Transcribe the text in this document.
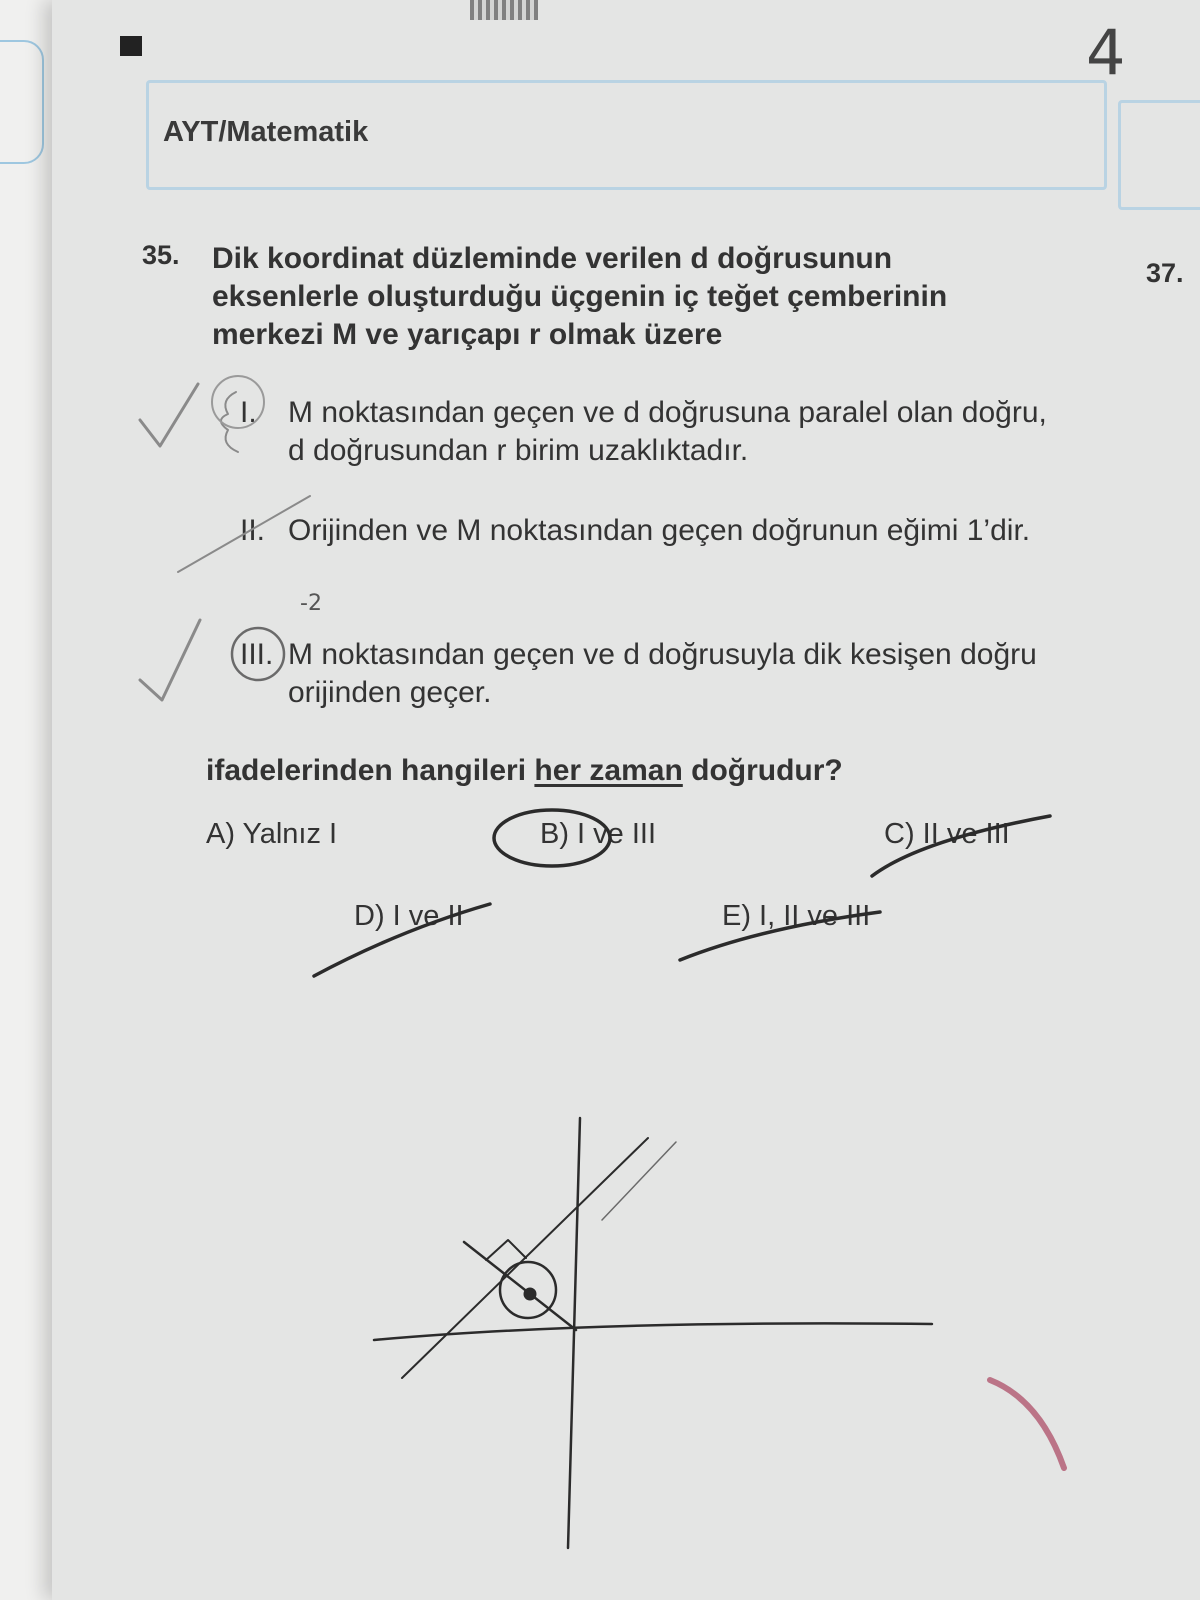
AYT/Matematik
4
37.
35. Dik koordinat düzleminde verilen d doğrusunun eksenlerle oluşturduğu üçgenin iç teğet çemberinin merkezi M ve yarıçapı r olmak üzere
I. M noktasından geçen ve d doğrusuna paralel olan doğru, d doğrusundan r birim uzaklıktadır.
II. Orijinden ve M noktasından geçen doğrunun eğimi 1’dir.
III. M noktasından geçen ve d doğrusuyla dik kesişen doğru orijinden geçer.
ifadelerinden hangileri her zaman doğrudur?
A) Yalnız I	B) I ve III	C) II ve III
D) I ve II	E) I, II ve III
-2
